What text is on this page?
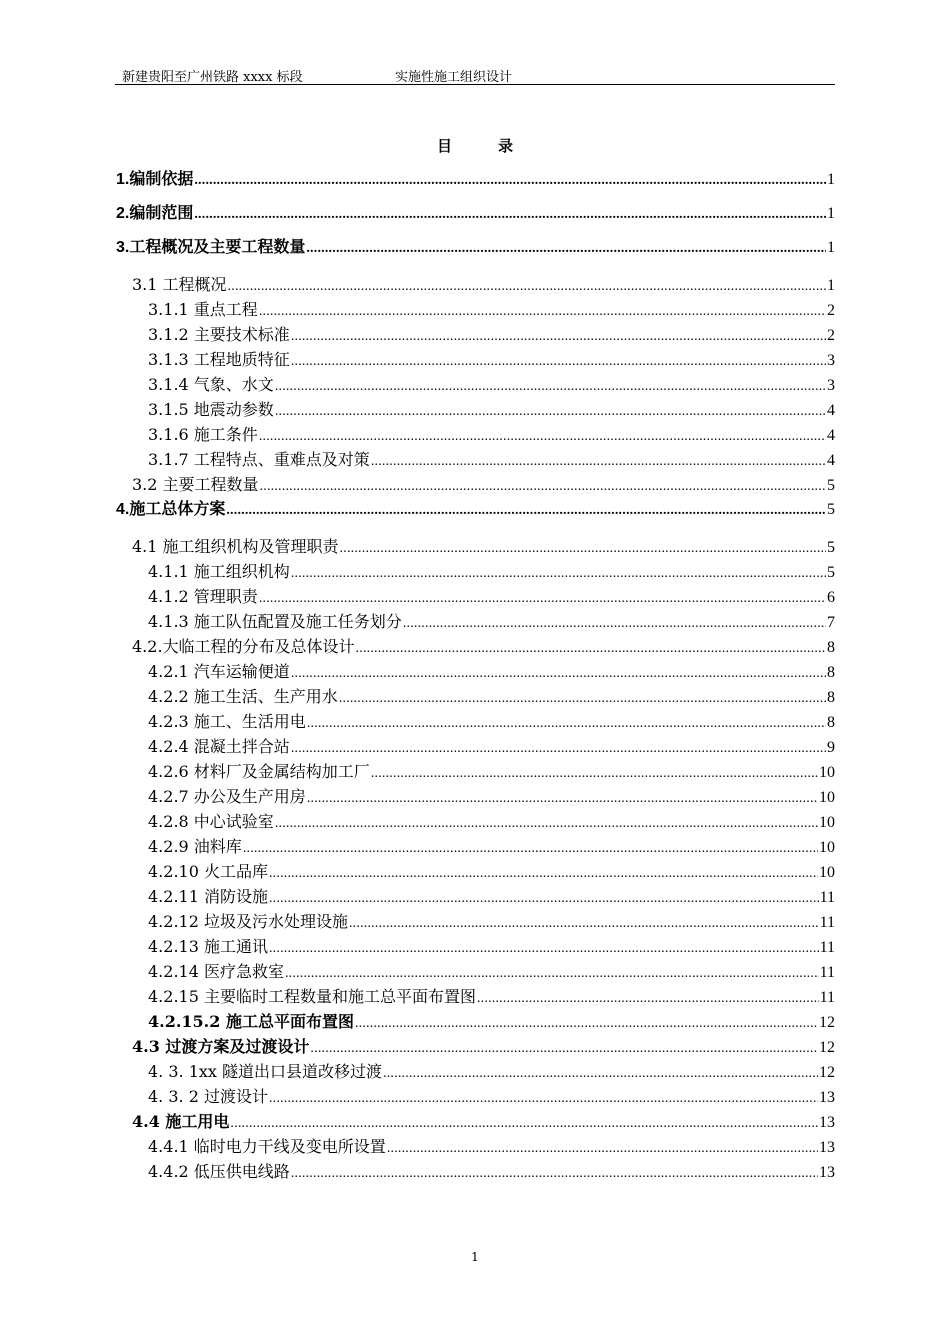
新建贵阳至广州铁路 xxxx 标段	实施性施工组织设计
目录
1.编制依据 .....	1
2.编制范围 .....	1
3.工程概况及主要工程数量 .....	1
3.1 工程概况 .....	1
3.1.1 重点工程 .....	2
3.1.2 主要技术标准 .....	2
3.1.3 工程地质特征 .....	3
3.1.4 气象、水文 .....	3
3.1.5 地震动参数 .....	4
3.1.6 施工条件 .....	4
3.1.7 工程特点、重难点及对策 .....	4
3.2 主要工程数量 .....	5
4.施工总体方案 .....	5
4.1 施工组织机构及管理职责 .....	5
4.1.1 施工组织机构 .....	5
4.1.2 管理职责 .....	6
4.1.3 施工队伍配置及施工任务划分 .....	7
4.2.大临工程的分布及总体设计 .....	8
4.2.1 汽车运输便道 .....	8
4.2.2 施工生活、生产用水 .....	8
4.2.3 施工、生活用电 .....	8
4.2.4 混凝土拌合站 .....	9
4.2.6 材料厂及金属结构加工厂 .....	10
4.2.7 办公及生产用房 .....	10
4.2.8 中心试验室 .....	10
4.2.9 油料库 .....	10
4.2.10 火工品库 .....	10
4.2.11 消防设施 .....	11
4.2.12 垃圾及污水处理设施 .....	11
4.2.13 施工通讯 .....	11
4.2.14 医疗急救室 .....	11
4.2.15 主要临时工程数量和施工总平面布置图 .....	11
4.2.15.2 施工总平面布置图 .....	12
4.3 过渡方案及过渡设计 .....	12
4. 3. 1xx 隧道出口县道改移过渡 .....	12
4. 3. 2 过渡设计 .....	13
4.4 施工用电 .....	13
4.4.1 临时电力干线及变电所设置 .....	13
4.4.2 低压供电线路 .....	13
1
